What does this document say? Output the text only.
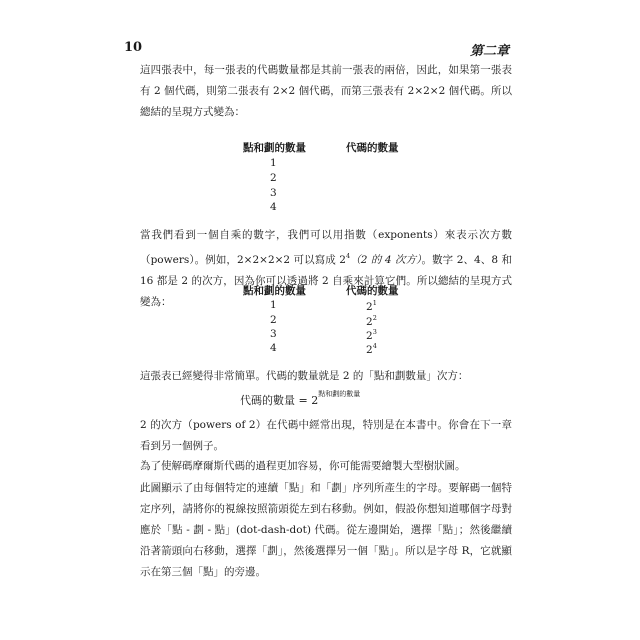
10	第二章

這四張表中，每一張表的代碼數量都是其前一張表的兩倍，因此，如果第一張表有 2 個代碼，則第二張表有 2×2 個代碼，而第三張表有 2×2×2 個代碼。所以總結的呈現方式變為：

點和劃的數量	代碼的數量
1
2
3
4

當我們看到一個自乘的數字，我們可以用指數（exponents）來表示次方數（powers）。例如，2×2×2×2 可以寫成 $2^4(2$ 的 4 次方）。數字 2、4、8 和 16 都是 2 的次方，因為你可以透過將 2 自乘來計算它們。所以總結的呈現方式變為：

點和劃的數量	代碼的數量
1	$2^1$
2	$2^2$
3	$2^3$
4	$2^4$

這張表已經變得非常簡單。代碼的數量就是 2 的「點和劃數量」次方：

代碼的數量 = $2^{點和劃的數量}$

2 的次方（powers of 2）在代碼中經常出現，特別是在本書中。你會在下一章看到另一個例子。

為了使解碼摩爾斯代碼的過程更加容易，你可能需要繪製大型樹狀圖。

此圖顯示了由每個特定的連續「點」和「劃」序列所產生的字母。要解碼一個特定序列，請將你的視線按照箭頭從左到右移動。例如，假設你想知道哪個字母對應於「點 - 劃 - 點」(dot-dash-dot) 代碼。從左邊開始，選擇「點」；然後繼續沿著箭頭向右移動，選擇「劃」，然後選擇另一個「點」。所以是字母 R，它就顯示在第三個「點」的旁邊。
